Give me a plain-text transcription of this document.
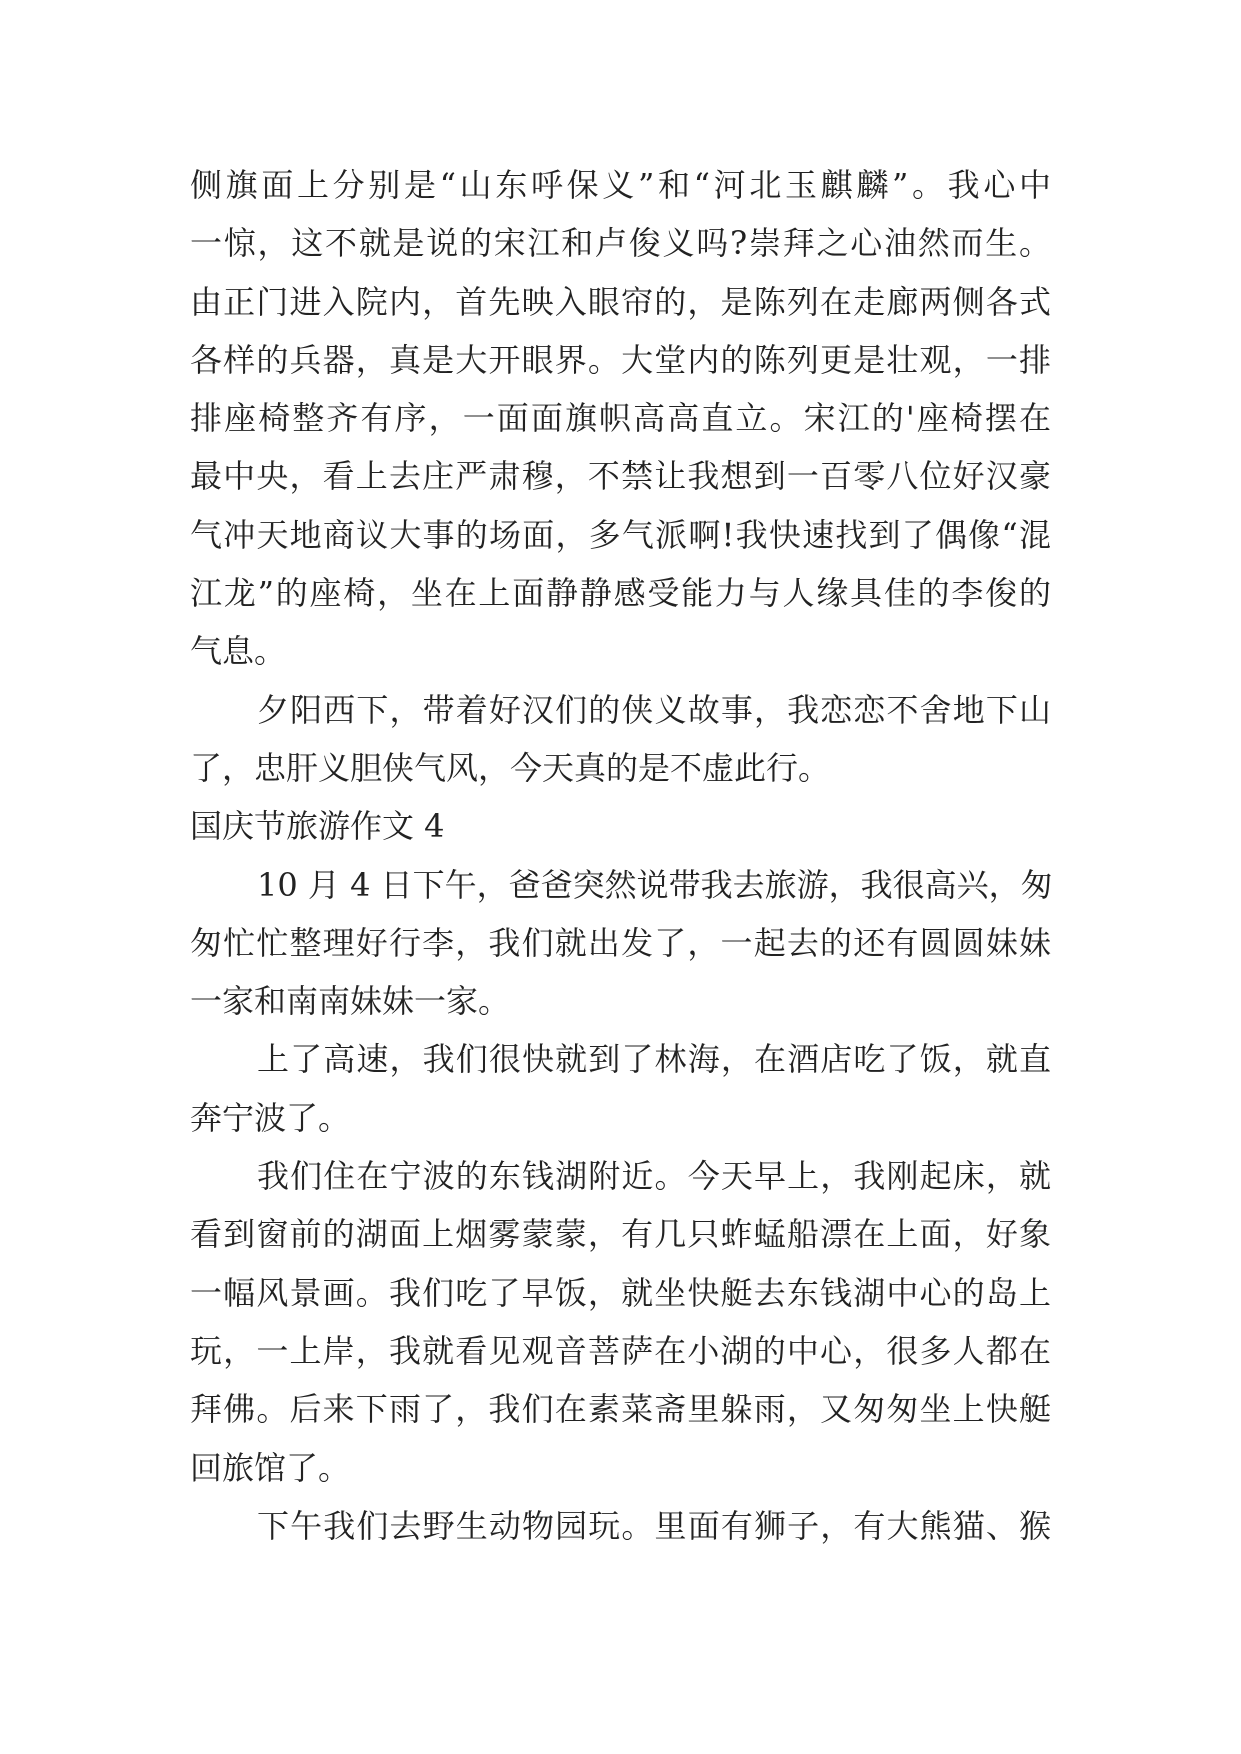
侧旗面上分别是“山东呼保义”和“河北玉麒麟”。我心中
一惊，这不就是说的宋江和卢俊义吗?崇拜之心油然而生。
由正门进入院内，首先映入眼帘的，是陈列在走廊两侧各式
各样的兵器，真是大开眼界。大堂内的陈列更是壮观，一排
排座椅整齐有序，一面面旗帜高高直立。宋江的'座椅摆在
最中央，看上去庄严肃穆，不禁让我想到一百零八位好汉豪
气冲天地商议大事的场面，多气派啊!我快速找到了偶像“混
江龙”的座椅，坐在上面静静感受能力与人缘具佳的李俊的
气息。
夕阳西下，带着好汉们的侠义故事，我恋恋不舍地下山
了，忠肝义胆侠气风，今天真的是不虚此行。
国庆节旅游作文 4
10 月 4 日下午，爸爸突然说带我去旅游，我很高兴，匆
匆忙忙整理好行李，我们就出发了，一起去的还有圆圆妹妹
一家和南南妹妹一家。
上了高速，我们很快就到了林海，在酒店吃了饭，就直
奔宁波了。
我们住在宁波的东钱湖附近。今天早上，我刚起床，就
看到窗前的湖面上烟雾蒙蒙，有几只蚱蜢船漂在上面，好象
一幅风景画。我们吃了早饭，就坐快艇去东钱湖中心的岛上
玩，一上岸，我就看见观音菩萨在小湖的中心，很多人都在
拜佛。后来下雨了，我们在素菜斋里躲雨，又匆匆坐上快艇
回旅馆了。
下午我们去野生动物园玩。里面有狮子，有大熊猫、猴
